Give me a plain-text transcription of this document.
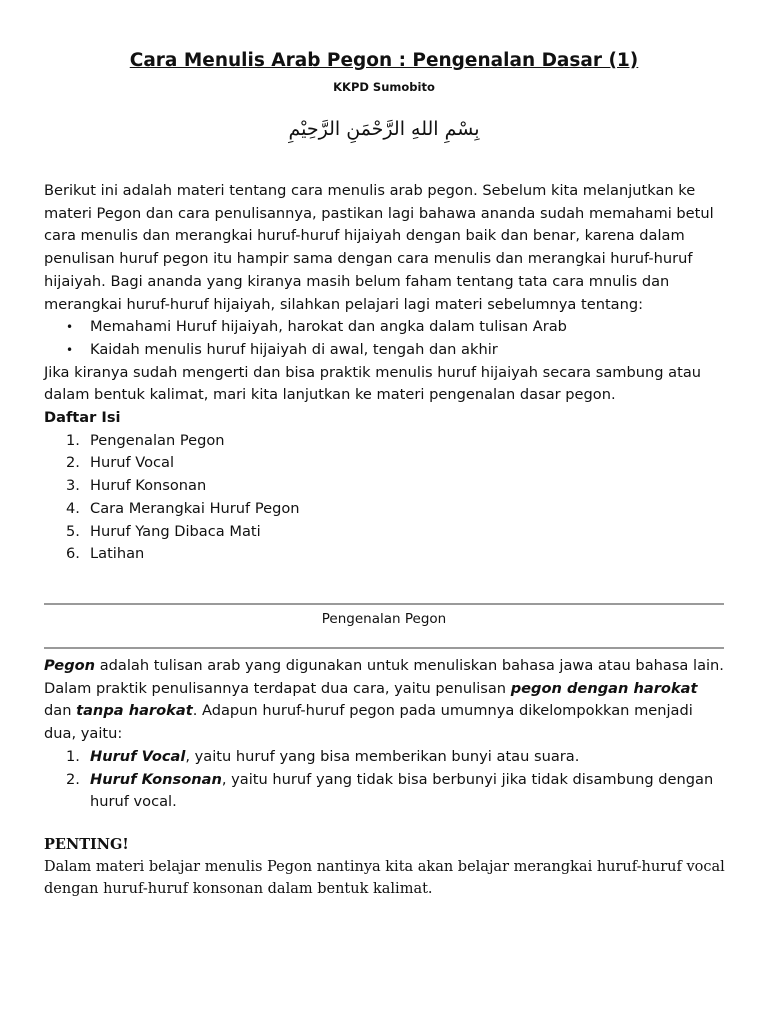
Cara Menulis Arab Pegon : Pengenalan Dasar (1)

KKPD Sumobito

بِسْمِ اللهِ الرَّحْمَنِ الرَّحِيْمِ

Berikut ini adalah materi tentang cara menulis arab pegon. Sebelum kita melanjutkan ke materi Pegon dan cara penulisannya, pastikan lagi bahawa ananda sudah memahami betul cara menulis dan merangkai huruf-huruf hijaiyah dengan baik dan benar, karena dalam penulisan huruf pegon itu hampir sama dengan cara menulis dan merangkai huruf-huruf hijaiyah. Bagi ananda yang kiranya masih belum faham tentang tata cara mnulis dan merangkai huruf-huruf hijaiyah, silahkan pelajari lagi materi sebelumnya tentang:

• Memahami Huruf hijaiyah, harokat dan angka dalam tulisan Arab
• Kaidah menulis huruf hijaiyah di awal, tengah dan akhir

Jika kiranya sudah mengerti dan bisa praktik menulis huruf hijaiyah secara sambung atau dalam bentuk kalimat, mari kita lanjutkan ke materi pengenalan dasar pegon.

Daftar Isi

1. Pengenalan Pegon
2. Huruf Vocal
3. Huruf Konsonan
4. Cara Merangkai Huruf Pegon
5. Huruf Yang Dibaca Mati
6. Latihan

Pengenalan Pegon

Pegon adalah tulisan arab yang digunakan untuk menuliskan bahasa jawa atau bahasa lain. Dalam praktik penulisannya terdapat dua cara, yaitu penulisan pegon dengan harokat dan tanpa harokat. Adapun huruf-huruf pegon pada umumnya dikelompokkan menjadi dua, yaitu:

1. Huruf Vocal, yaitu huruf yang bisa memberikan bunyi atau suara.
2. Huruf Konsonan, yaitu huruf yang tidak bisa berbunyi jika tidak disambung dengan huruf vocal.

PENTING!

Dalam materi belajar menulis Pegon nantinya kita akan belajar merangkai huruf-huruf vocal dengan huruf-huruf konsonan dalam bentuk kalimat.
